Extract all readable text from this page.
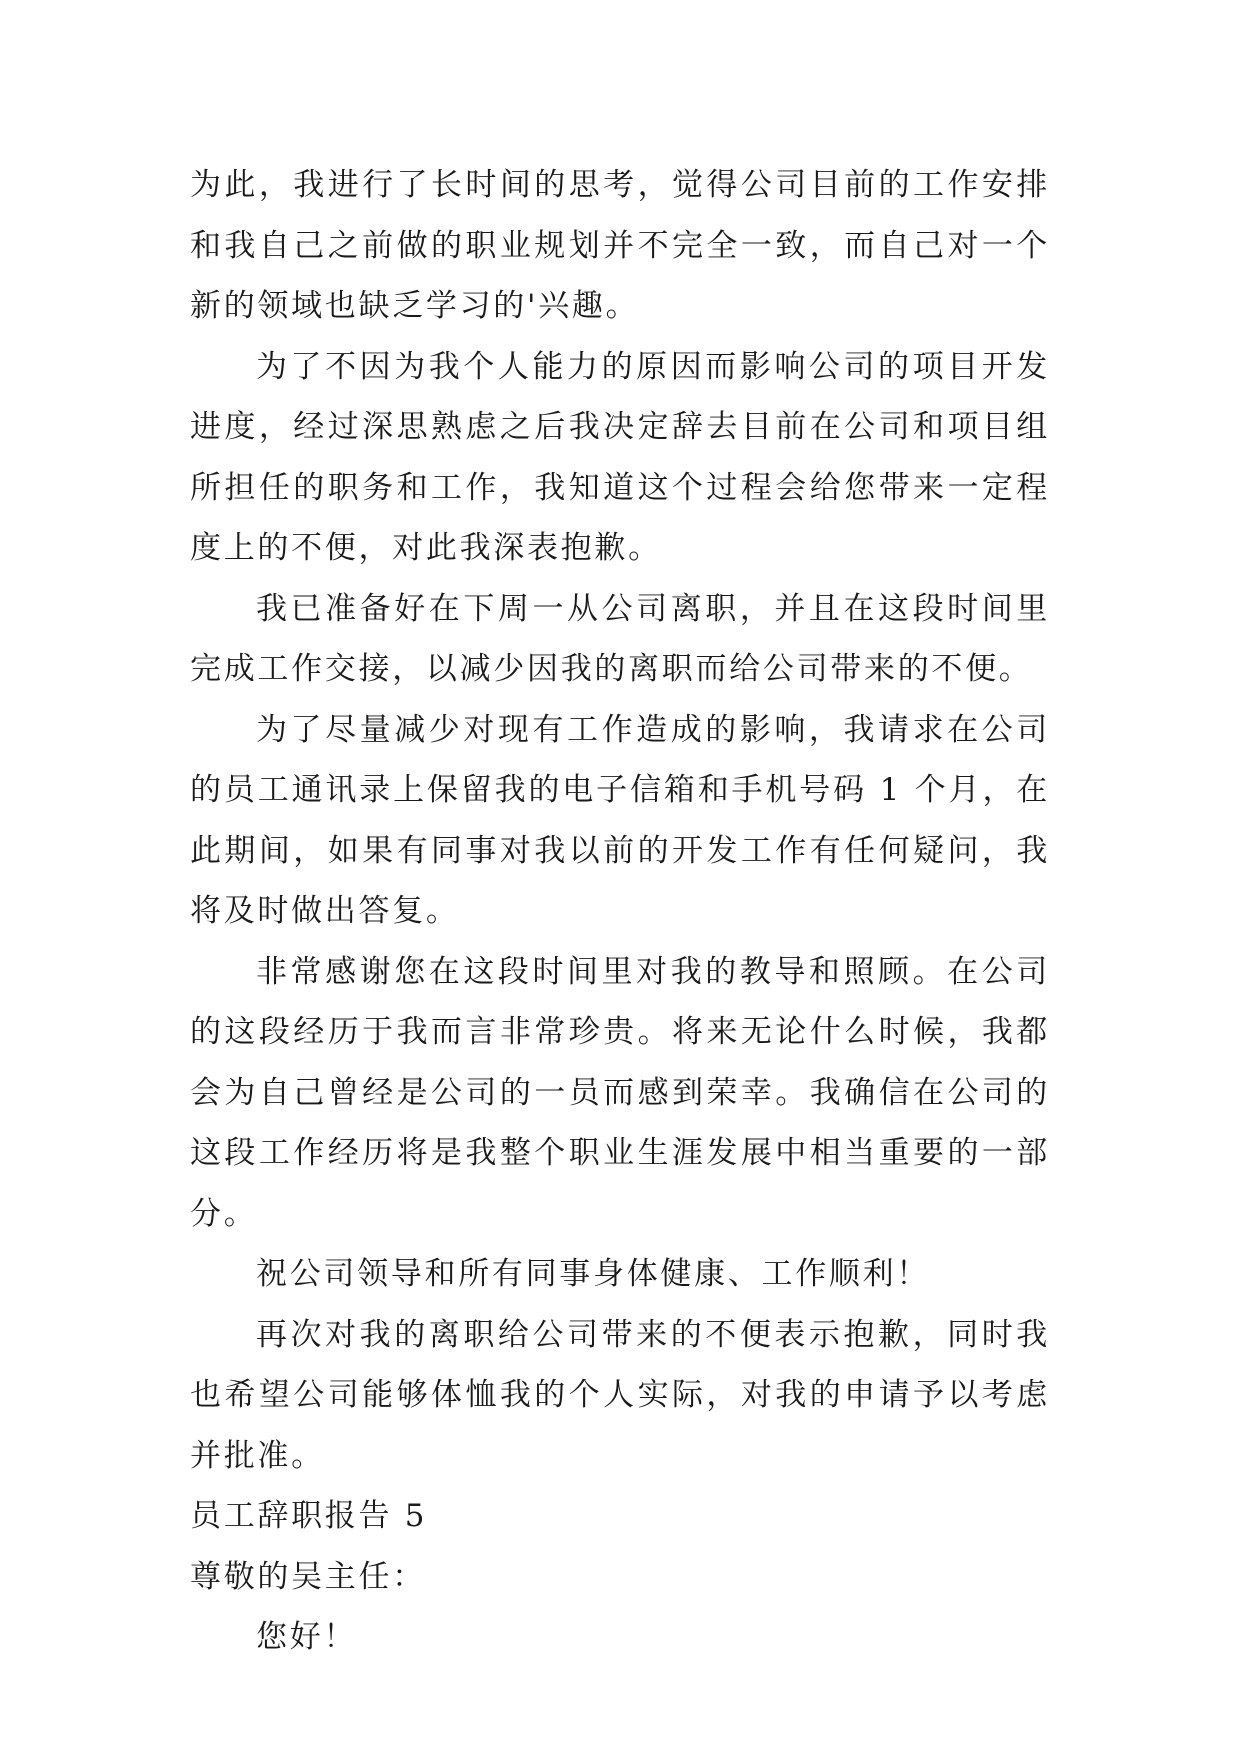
为此，我进行了长时间的思考，觉得公司目前的工作安排和我自己之前做的职业规划并不完全一致，而自己对一个新的领域也缺乏学习的'兴趣。

为了不因为我个人能力的原因而影响公司的项目开发进度，经过深思熟虑之后我决定辞去目前在公司和项目组所担任的职务和工作，我知道这个过程会给您带来一定程度上的不便，对此我深表抱歉。

我已准备好在下周一从公司离职，并且在这段时间里完成工作交接，以减少因我的离职而给公司带来的不便。

为了尽量减少对现有工作造成的影响，我请求在公司的员工通讯录上保留我的电子信箱和手机号码 1 个月，在此期间，如果有同事对我以前的开发工作有任何疑问，我将及时做出答复。

非常感谢您在这段时间里对我的教导和照顾。在公司的这段经历于我而言非常珍贵。将来无论什么时候，我都会为自己曾经是公司的一员而感到荣幸。我确信在公司的这段工作经历将是我整个职业生涯发展中相当重要的一部分。

祝公司领导和所有同事身体健康、工作顺利！

再次对我的离职给公司带来的不便表示抱歉，同时我也希望公司能够体恤我的个人实际，对我的申请予以考虑并批准。

员工辞职报告 5

尊敬的吴主任：

您好！
